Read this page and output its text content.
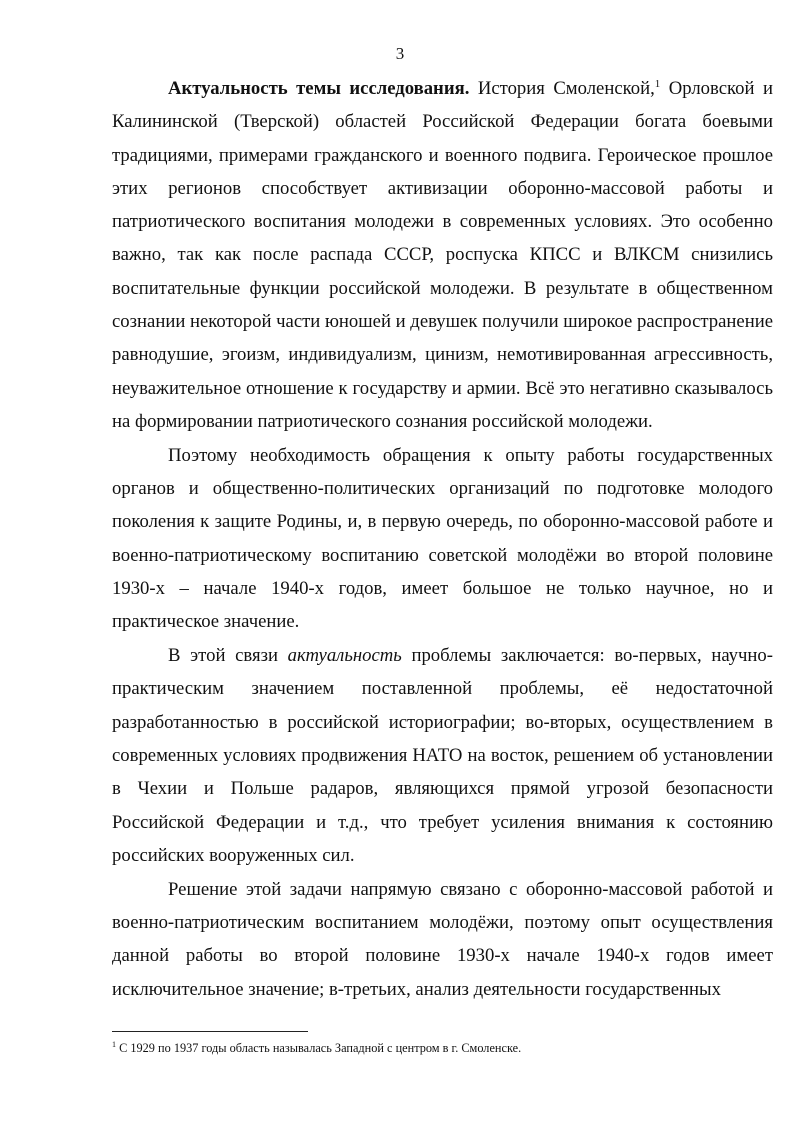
3

Актуальность темы исследования. История Смоленской,$^1$ Орловской и Калининской (Тверской) областей Российской Федерации богата боевыми традициями, примерами гражданского и военного подвига. Героическое прошлое этих регионов способствует активизации оборонно-массовой работы и патриотического воспитания молодежи в современных условиях. Это особенно важно, так как после распада СССР, роспуска КПСС и ВЛКСМ снизились воспитательные функции российской молодежи. В результате в общественном сознании некоторой части юношей и девушек получили широкое распространение равнодушие, эгоизм, индивидуализм, цинизм, немотивированная агрессивность, неуважительное отношение к государству и армии. Всё это негативно сказывалось на формировании патриотического сознания российской молодежи.

Поэтому необходимость обращения к опыту работы государственных органов и общественно-политических организаций по подготовке молодого поколения к защите Родины, и, в первую очередь, по оборонно-массовой работе и военно-патриотическому воспитанию советской молодёжи во второй половине 1930-х – начале 1940-х годов, имеет большое не только научное, но и практическое значение.

В этой связи актуальность проблемы заключается: во-первых, научно-практическим значением поставленной проблемы, её недостаточной разработанностью в российской историографии; во-вторых, осуществлением в современных условиях продвижения НАТО на восток, решением об установлении в Чехии и Польше радаров, являющихся прямой угрозой безопасности Российской Федерации и т.д., что требует усиления внимания к состоянию российских вооруженных сил.

Решение этой задачи напрямую связано с оборонно-массовой работой и военно-патриотическим воспитанием молодёжи, поэтому опыт осуществления данной работы во второй половине 1930-х начале 1940-х годов имеет исключительное значение; в-третьих, анализ деятельности государственных

$^1$ С 1929 по 1937 годы область называлась Западной с центром в г. Смоленске.
